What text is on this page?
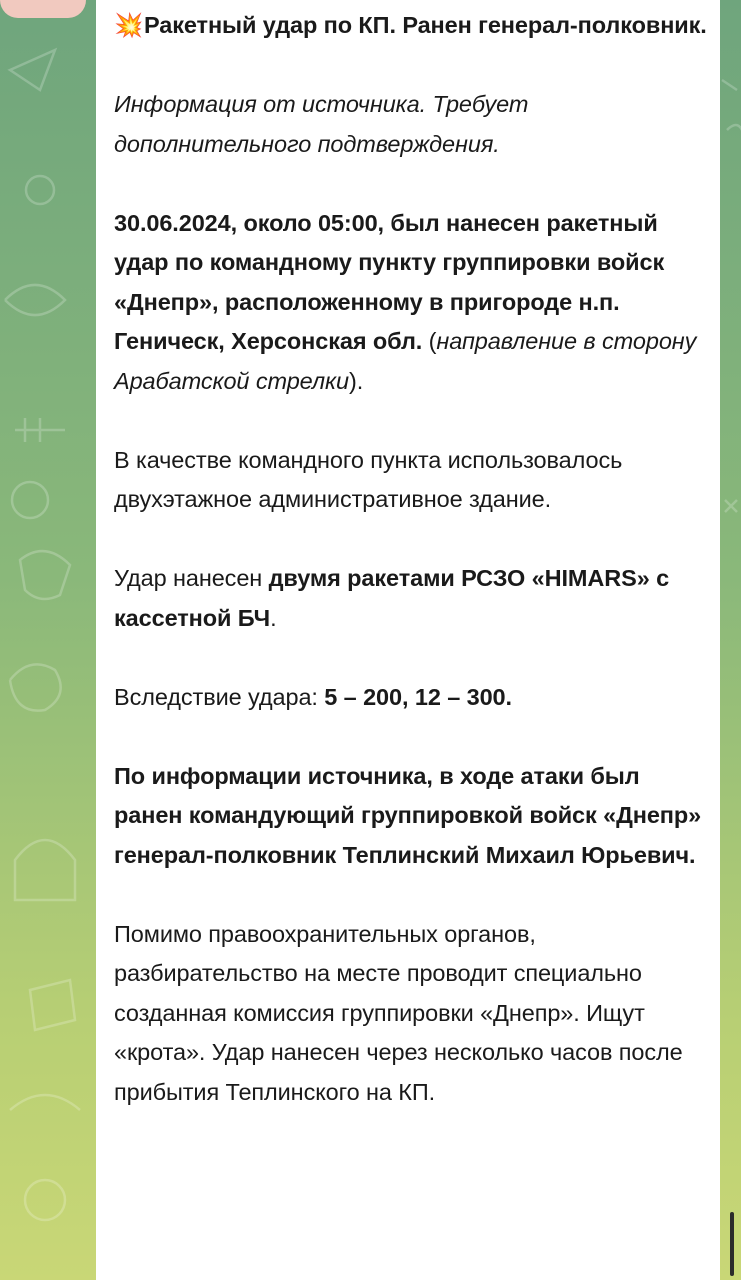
💥Ракетный удар по КП. Ранен генерал-полковник.

Информация от источника. Требует дополнительного подтверждения.

30.06.2024, около 05:00, был нанесен ракетный удар по командному пункту группировки войск «Днепр», расположенному в пригороде н.п. Геническ, Херсонская обл. (направление в сторону Арабатской стрелки).

В качестве командного пункта использовалось двухэтажное административное здание.

Удар нанесен двумя ракетами РСЗО «HIMARS» с кассетной БЧ.

Вследствие удара: 5 – 200, 12 – 300.

По информации источника, в ходе атаки был ранен командующий группировкой войск «Днепр» генерал-полковник Теплинский Михаил Юрьевич.

Помимо правоохранительных органов, разбирательство на месте проводит специально созданная комиссия группировки «Днепр». Ищут «крота». Удар нанесен через несколько часов после прибытия Теплинского на КП.
